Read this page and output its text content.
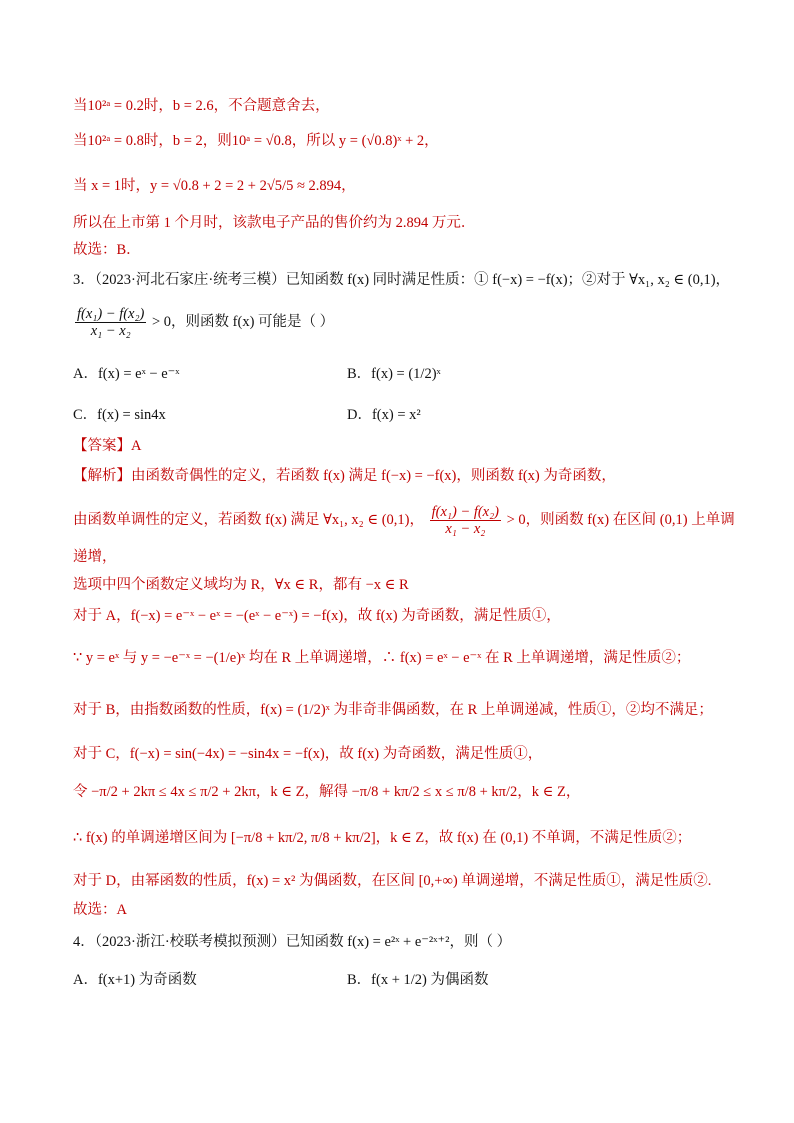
当10²ᵃ = 0.2时，b = 2.6，不合题意舍去，
当10²ᵃ = 0.8时，b = 2，则10ᵃ = √0.8，所以 y = (√0.8)ˣ + 2，
当 x = 1时，y = √0.8 + 2 = 2 + 2√5/5 ≈ 2.894，
所以在上市第 1 个月时，该款电子产品的售价约为 2.894 万元．
故选：B．
3．（2023·河北石家庄·统考三模）已知函数 f(x) 同时满足性质：① f(−x) = −f(x)；②对于 ∀x₁, x₂ ∈ (0,1)，
$\frac{\text{f(x₁) − f(x₂)}}{\text{x₁ − x₂}} > 0$，则函数 f(x) 可能是（ ）
A．f(x) = eˣ − e⁻ˣ	B．f(x) = (1/2)ˣ
C．f(x) = sin4x	D．f(x) = x²
【答案】A
【解析】由函数奇偶性的定义，若函数 f(x) 满足 f(−x) = −f(x)，则函数 f(x) 为奇函数，
由函数单调性的定义，若函数 f(x) 满足 ∀x₁, x₂ ∈ (0,1)， $\frac{\text{f(x₁) − f(x₂)}}{\text{x₁ − x₂}} > 0$，则函数 f(x) 在区间 (0,1) 上单调
递增，
选项中四个函数定义域均为 R，∀x ∈ R，都有 −x ∈ R
对于 A，f(−x) = e⁻ˣ − eˣ = −(eˣ − e⁻ˣ) = −f(x)，故 f(x) 为奇函数，满足性质①，
∵ y = eˣ 与 y = −e⁻ˣ = −(1/e)ˣ 均在 R 上单调递增，∴ f(x) = eˣ − e⁻ˣ 在 R 上单调递增，满足性质②；
对于 B，由指数函数的性质，f(x) = (1/2)ˣ 为非奇非偶函数，在 R 上单调递减，性质①，②均不满足；
对于 C，f(−x) = sin(−4x) = −sin4x = −f(x)，故 f(x) 为奇函数，满足性质①，
令 −π/2 + 2kπ ≤ 4x ≤ π/2 + 2kπ，k ∈ Z，解得 −π/8 + kπ/2 ≤ x ≤ π/8 + kπ/2，k ∈ Z，
∴ f(x) 的单调递增区间为 [−π/8 + kπ/2, π/8 + kπ/2]，k ∈ Z，故 f(x) 在 (0,1) 不单调，不满足性质②；
对于 D，由幂函数的性质，f(x) = x² 为偶函数，在区间 [0,+∞) 单调递增，不满足性质①，满足性质②.
故选：A
4．（2023·浙江·校联考模拟预测）已知函数 f(x) = e²ˣ + e⁻²ˣ⁺²，则（ ）
A．f(x+1) 为奇函数	B．f(x + 1/2) 为偶函数
